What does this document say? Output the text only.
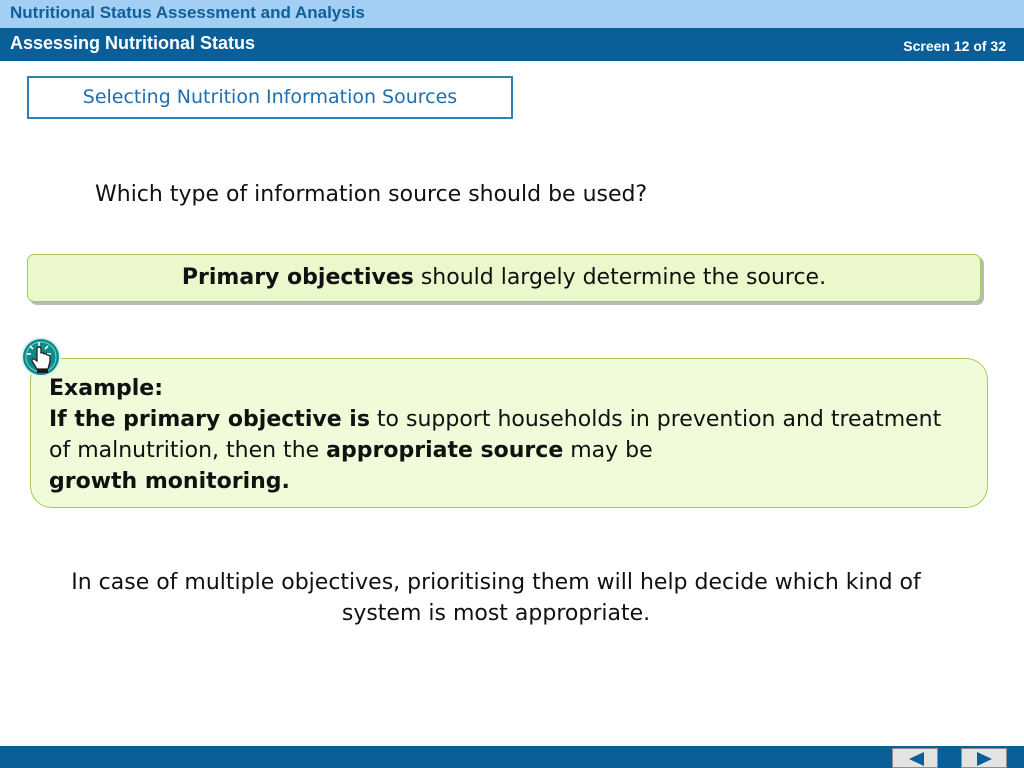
Nutritional Status Assessment and Analysis
Assessing Nutritional Status	Screen 12 of 32
Selecting Nutrition Information Sources
Which type of information source should be used?
Primary objectives should largely determine the source.
Example:
If the primary objective is to support households in prevention and treatment of malnutrition, then the appropriate source may be
growth monitoring.
In case of multiple objectives, prioritising them will help decide which kind of system is most appropriate.
